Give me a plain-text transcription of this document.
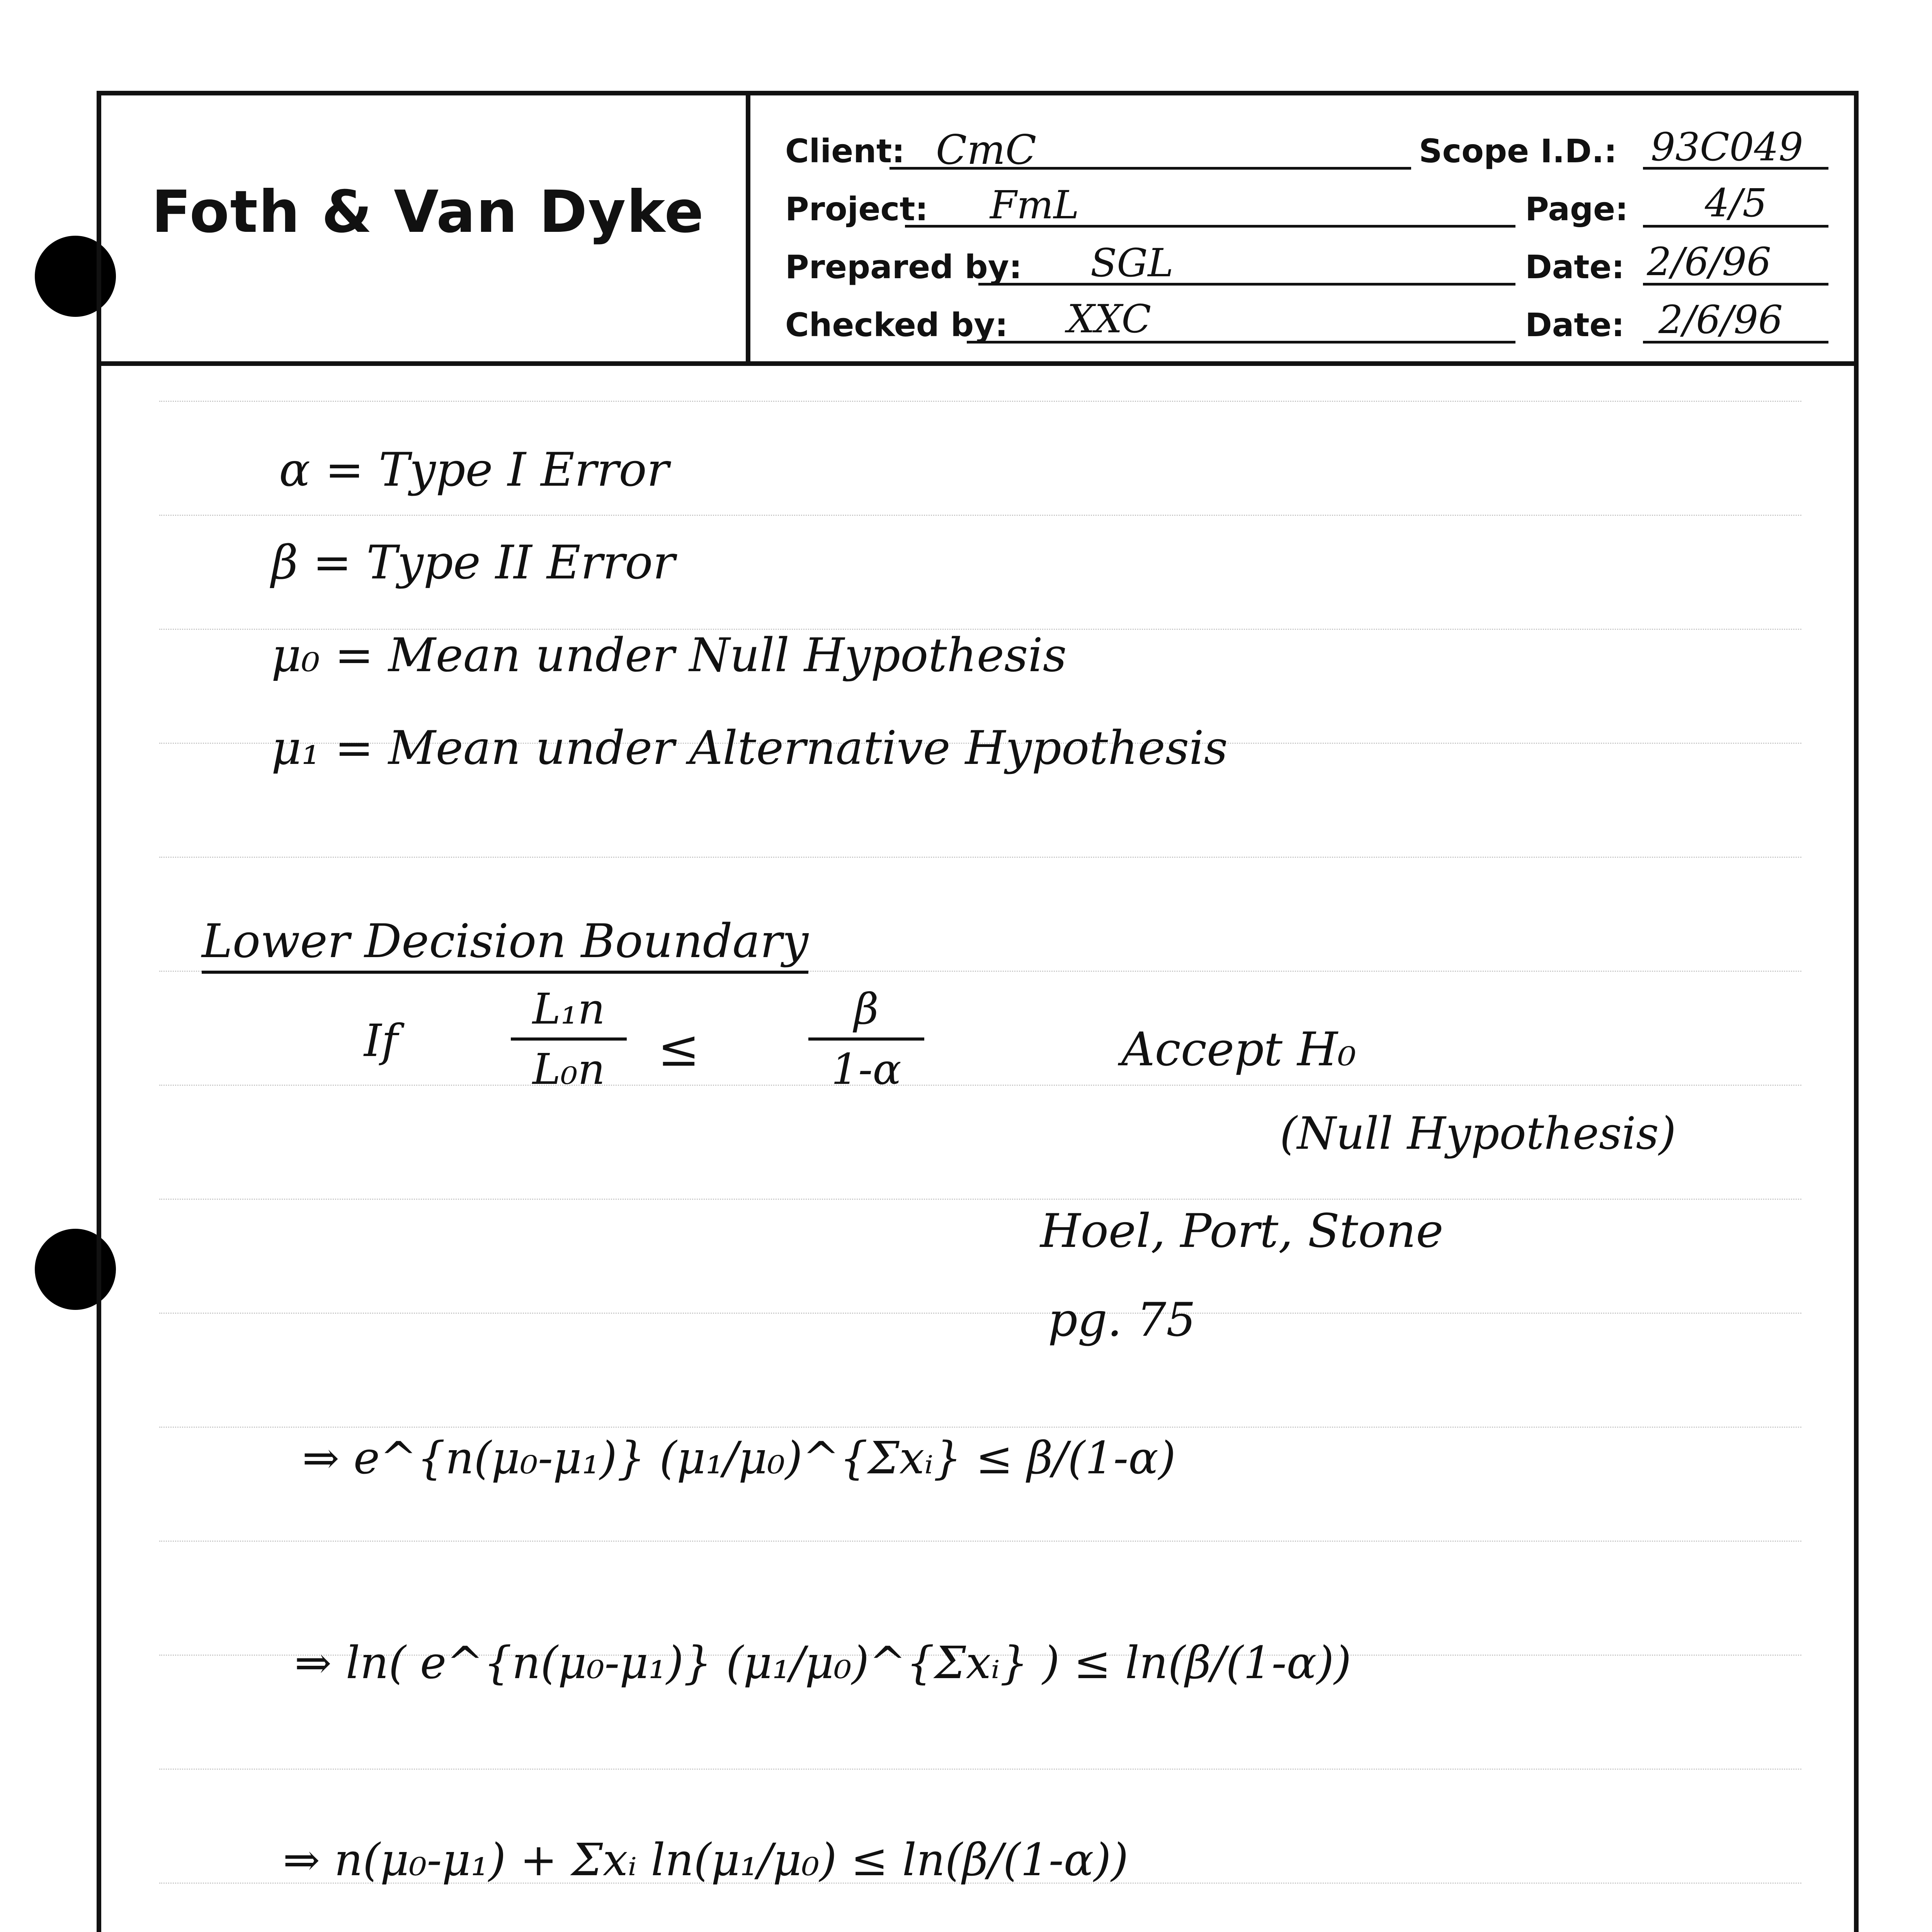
Foth & Van Dyke
Client: CmC	Scope I.D.: 93C049
Project: FmL	Page: 4/5
Prepared by: SGL	Date: 2/6/96
Checked by: XXC	Date: 2/6/96
α = Type I Error
β = Type II Error
μ₀ = Mean under Null Hypothesis
μ₁ = Mean under Alternative Hypothesis
Lower Decision Boundary
If
L₁n
L₀n	≤
β
1-α	Accept H₀
(Null Hypothesis)
Hoel, Port, Stone
pg. 75
⇒ e^{n(μ₀-μ₁)} (μ₁/μ₀)^{Σxᵢ} ≤ β/(1-α)
⇒ ln( e^{n(μ₀-μ₁)} (μ₁/μ₀)^{Σxᵢ} ) ≤ ln(β/(1-α))
⇒ n(μ₀-μ₁) + Σxᵢ ln(μ₁/μ₀) ≤ ln(β/(1-α))
